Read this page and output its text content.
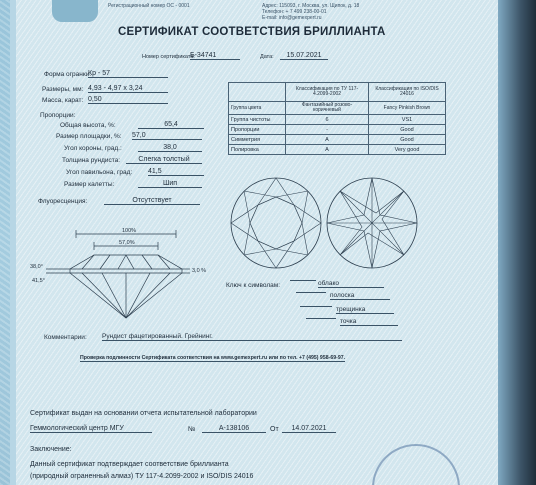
Регистрационный номер ОС - 0001	Адрес: 115093, г. Москва, ул. Щипок, д. 18
Телефон: + 7 499 238-00-01
E-mail: info@gemexpert.ru
СЕРТИФИКАТ СООТВЕТСТВИЯ БРИЛЛИАНТА
Номер сертификата:
Б-34741	Дата:	15.07.2021
Форма огранки:
Кр - 57
Размеры, мм: 4,93 - 4,97 x 3,24
Масса, карат: 0,50
Пропорции:
Общая высота, %:	65,4
Размер площадки, %: 57,0
Угол короны, град.:	38,0
Толщина рундиста:	Слегка толстый
Угол павильона, град: 41,5
Размер калетты:	Шип
Флуоресценция:	Отсутствует
	Классификация по ТУ 117-4.2099-2002	Классификация по ISO/DIS 24016
Группа цвета	Фантазийный розово-коричневый	Fancy Pinkish Brown
Группа чистоты	6	VS1
Пропорции	-	Good
Симметрия	А	Good
Полировка	А	Very good
100%
57,0%
38,0°
41,5°
3,0 %
Ключ к символам:	облако
полоска
трещинка
точка
Комментарии: Рундист фацетированный. Грейнинг.
Проверка подлинности Сертификата соответствия на www.gemexpert.ru или по тел. +7 (495) 958-69-97.
Сертификат выдан на основании отчета испытательной лаборатории
Геммологический центр МГУ	№	А-138106	От	14.07.2021
Заключение:
Данный сертификат подтверждает соответствие бриллианта
(природный ограненный алмаз) ТУ 117-4.2099-2002 и ISO/DIS 24016
